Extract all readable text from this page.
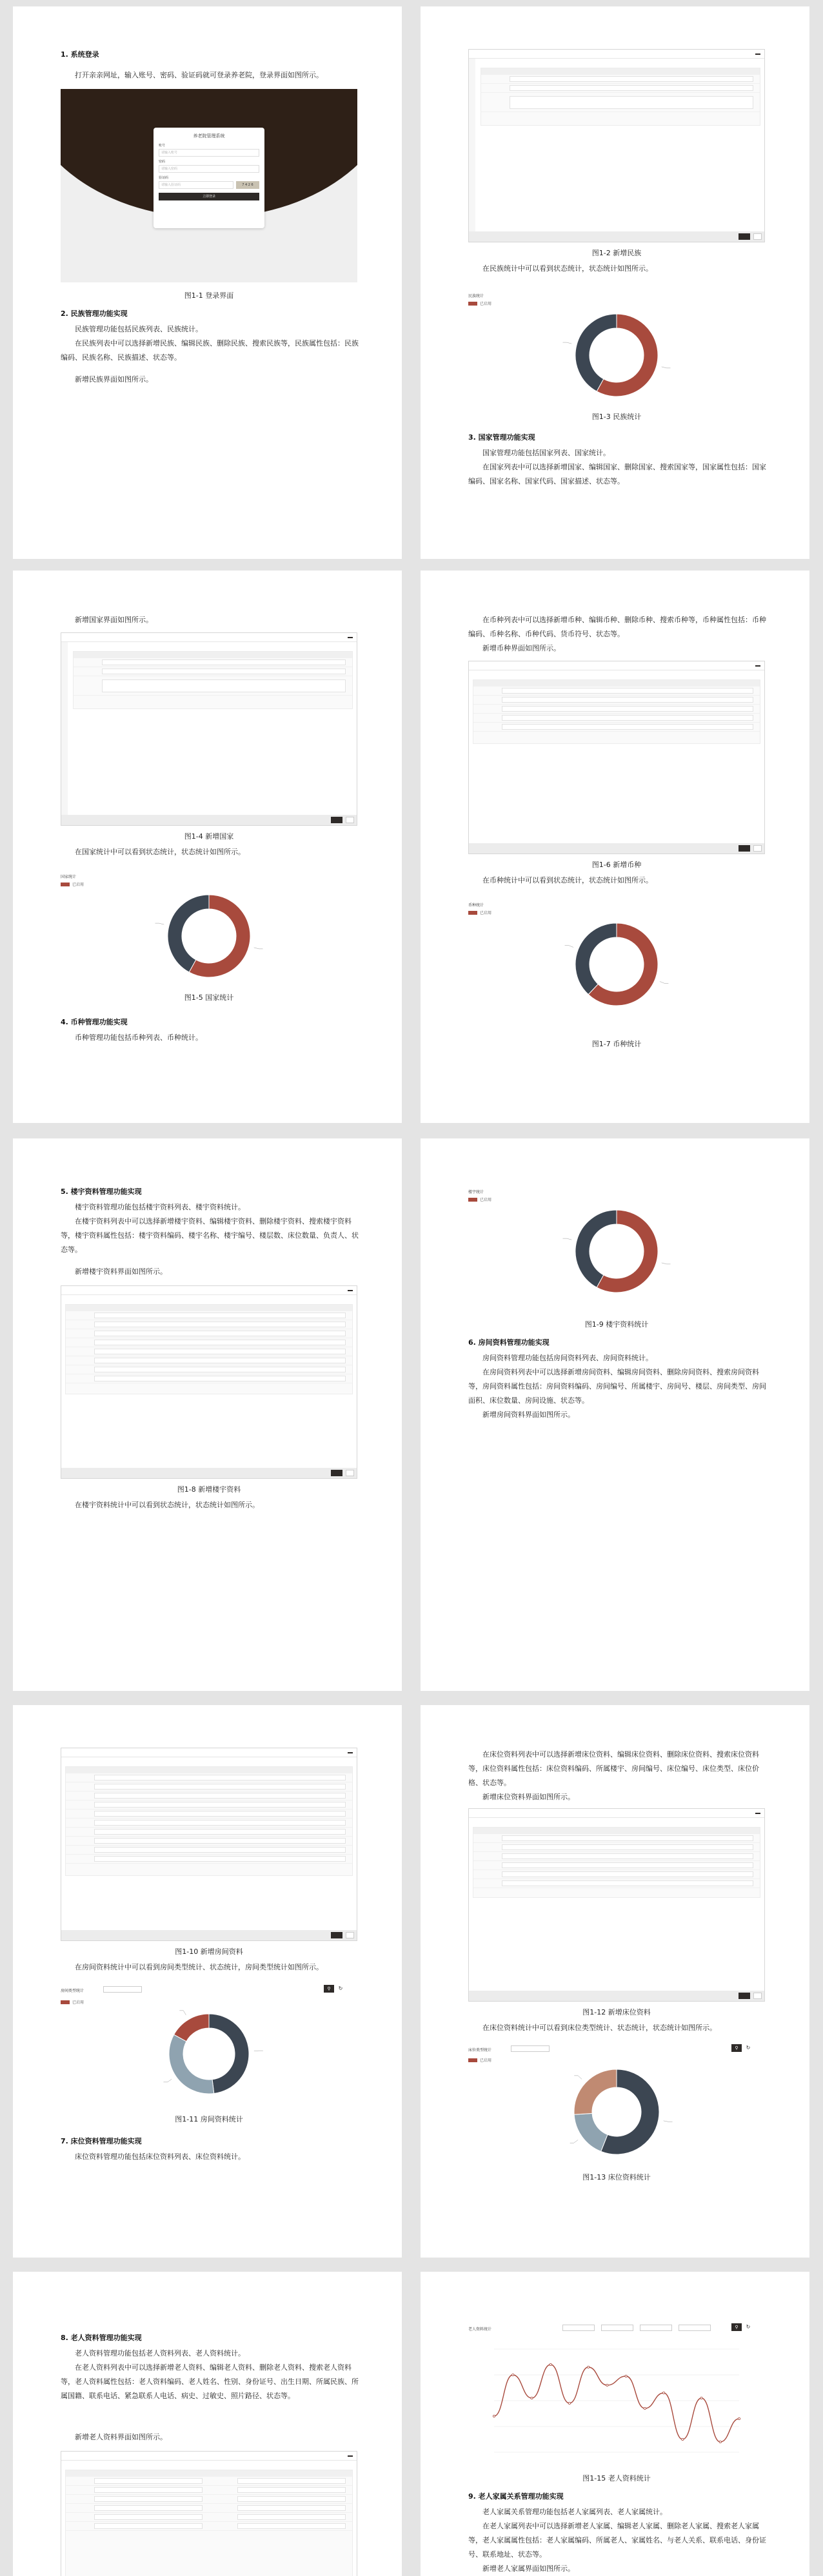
1. 系统登录
打开亲亲网址，输入账号、密码、验证码就可登录养老院，登录界面如图所示。
养老院管理系统
账号
请输入账号
密码
请输入密码
验证码
请输入验证码	7 4 2 6
立即登录
图1-1 登录界面
2. 民族管理功能实现
民族管理功能包括民族列表、民族统计。
在民族列表中可以选择新增民族、编辑民族、删除民族、搜索民族等，民族属性包括：民族编码、民族名称、民族描述、状态等。
新增民族界面如图所示。

图1-2 新增民族
在民族统计中可以看到状态统计，状态统计如图所示。
民族统计
已启用
图1-3 民族统计
3. 国家管理功能实现
国家管理功能包括国家列表、国家统计。
在国家列表中可以选择新增国家、编辑国家、删除国家、搜索国家等，国家属性包括：国家编码、国家名称、国家代码、国家描述、状态等。
新增国家界面如图所示。

图1-4 新增国家
在国家统计中可以看到状态统计，状态统计如图所示。
国家统计
已启用
图1-5 国家统计
4. 币种管理功能实现
币种管理功能包括币种列表、币种统计。
在币种列表中可以选择新增币种、编辑币种、删除币种、搜索币种等，币种属性包括：币种编码、币种名称、币种代码、货币符号、状态等。
新增币种界面如图所示。

图1-6 新增币种
在币种统计中可以看到状态统计，状态统计如图所示。
币种统计
已启用
图1-7 币种统计
5. 楼宇资料管理功能实现
楼宇资料管理功能包括楼宇资料列表、楼宇资料统计。
在楼宇资料列表中可以选择新增楼宇资料、编辑楼宇资料、删除楼宇资料、搜索楼宇资料等，楼宇资料属性包括：楼宇资料编码、楼宇名称、楼宇编号、楼层数、床位数量、负责人、状态等。
新增楼宇资料界面如图所示。

图1-8 新增楼宇资料
在楼宇资料统计中可以看到状态统计，状态统计如图所示。
楼宇统计
已启用
图1-9 楼宇资料统计
6. 房间资料管理功能实现
房间资料管理功能包括房间资料列表、房间资料统计。
在房间资料列表中可以选择新增房间资料、编辑房间资料、删除房间资料、搜索房间资料等，房间资料属性包括：房间资料编码、房间编号、所属楼宇、房间号、楼层、房间类型、房间面积、床位数量、房间设施、状态等。
新增房间资料界面如图所示。

图1-10 新增房间资料
在房间资料统计中可以看到房间类型统计、状态统计，房间类型统计如图所示。
房间类型统计	⚲	↻
已启用
图1-11 房间资料统计
7. 床位资料管理功能实现
床位资料管理功能包括床位资料列表、床位资料统计。
在床位资料列表中可以选择新增床位资料、编辑床位资料、删除床位资料、搜索床位资料等，床位资料属性包括：床位资料编码、所属楼宇、房间编号、床位编号、床位类型、床位价格、状态等。
新增床位资料界面如图所示。

图1-12 新增床位资料
在床位资料统计中可以看到床位类型统计、状态统计，状态统计如图所示。
床位类型统计	⚲	↻
已启用
图1-13 床位资料统计
8. 老人资料管理功能实现
老人资料管理功能包括老人资料列表、老人资料统计。
在老人资料列表中可以选择新增老人资料、编辑老人资料、删除老人资料、搜索老人资料等，老人资料属性包括：老人资料编码、老人姓名、性别、身份证号、出生日期、所属民族、所属国籍、联系电话、紧急联系人电话、病史、过敏史、照片路径、状态等。
新增老人资料界面如图所示。
老人资料统计	⚲	↻
图1-15 老人资料统计
9. 老人家属关系管理功能实现
老人家属关系管理功能包括老人家属列表、老人家属统计。
在老人家属列表中可以选择新增老人家属、编辑老人家属、删除老人家属、搜索老人家属等，老人家属属性包括：老人家属编码、所属老人、家属姓名、与老人关系、联系电话、身份证号、联系地址、状态等。
新增老人家属界面如图所示。
